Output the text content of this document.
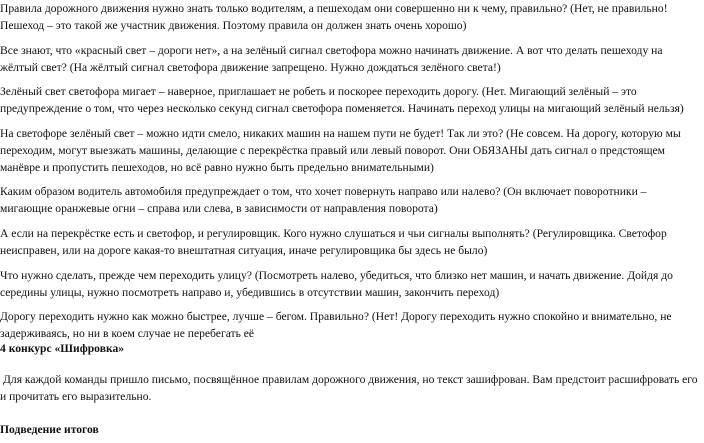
Правила дорожного движения нужно знать только водителям, а пешеходам они совершенно ни к чему, правильно? (Нет, не правильно! Пешеход – это такой же участник движения. Поэтому правила он должен знать очень хорошо)

Все знают, что «красный свет – дороги нет», а на зелёный сигнал светофора можно начинать движение. А вот что делать пешеходу на жёлтый свет? (На жёлтый сигнал светофора движение запрещено. Нужно дождаться зелёного света!)

Зелёный свет светофора мигает – наверное, приглашает не робеть и поскорее переходить дорогу. (Нет. Мигающий зелёный – это предупреждение о том, что через несколько секунд сигнал светофора поменяется. Начинать переход улицы на мигающий зелёный нельзя)

На светофоре зелёный свет – можно идти смело, никаких машин на нашем пути не будет! Так ли это? (Не совсем. На дорогу, которую мы переходим, могут выезжать машины, делающие с перекрёстка правый или левый поворот. Они ОБЯЗАНЫ дать сигнал о предстоящем манёвре и пропустить пешеходов, но всё равно нужно быть предельно внимательными)

Каким образом водитель автомобиля предупреждает о том, что хочет повернуть направо или налево? (Он включает поворотники – мигающие оранжевые огни – справа или слева, в зависимости от направления поворота)

А если на перекрёстке есть и светофор, и регулировщик. Кого нужно слушаться и чьи сигналы выполнять? (Регулировщика. Светофор неисправен, или на дороге какая-то внештатная ситуация, иначе регулировщика бы здесь не было)

Что нужно сделать, прежде чем переходить улицу? (Посмотреть налево, убедиться, что близко нет машин, и начать движение. Дойдя до середины улицы, нужно посмотреть направо и, убедившись в отсутствии машин, закончить переход)

Дорогу переходить нужно как можно быстрее, лучше – бегом. Правильно? (Нет! Дорогу переходить нужно спокойно и внимательно, не задерживаясь, но ни в коем случае не перебегать её

4 конкурс «Шифровка»

Для каждой команды пришло письмо, посвящённое правилам дорожного движения, но текст зашифрован. Вам предстоит расшифровать его и прочитать его выразительно.

Подведение итогов
